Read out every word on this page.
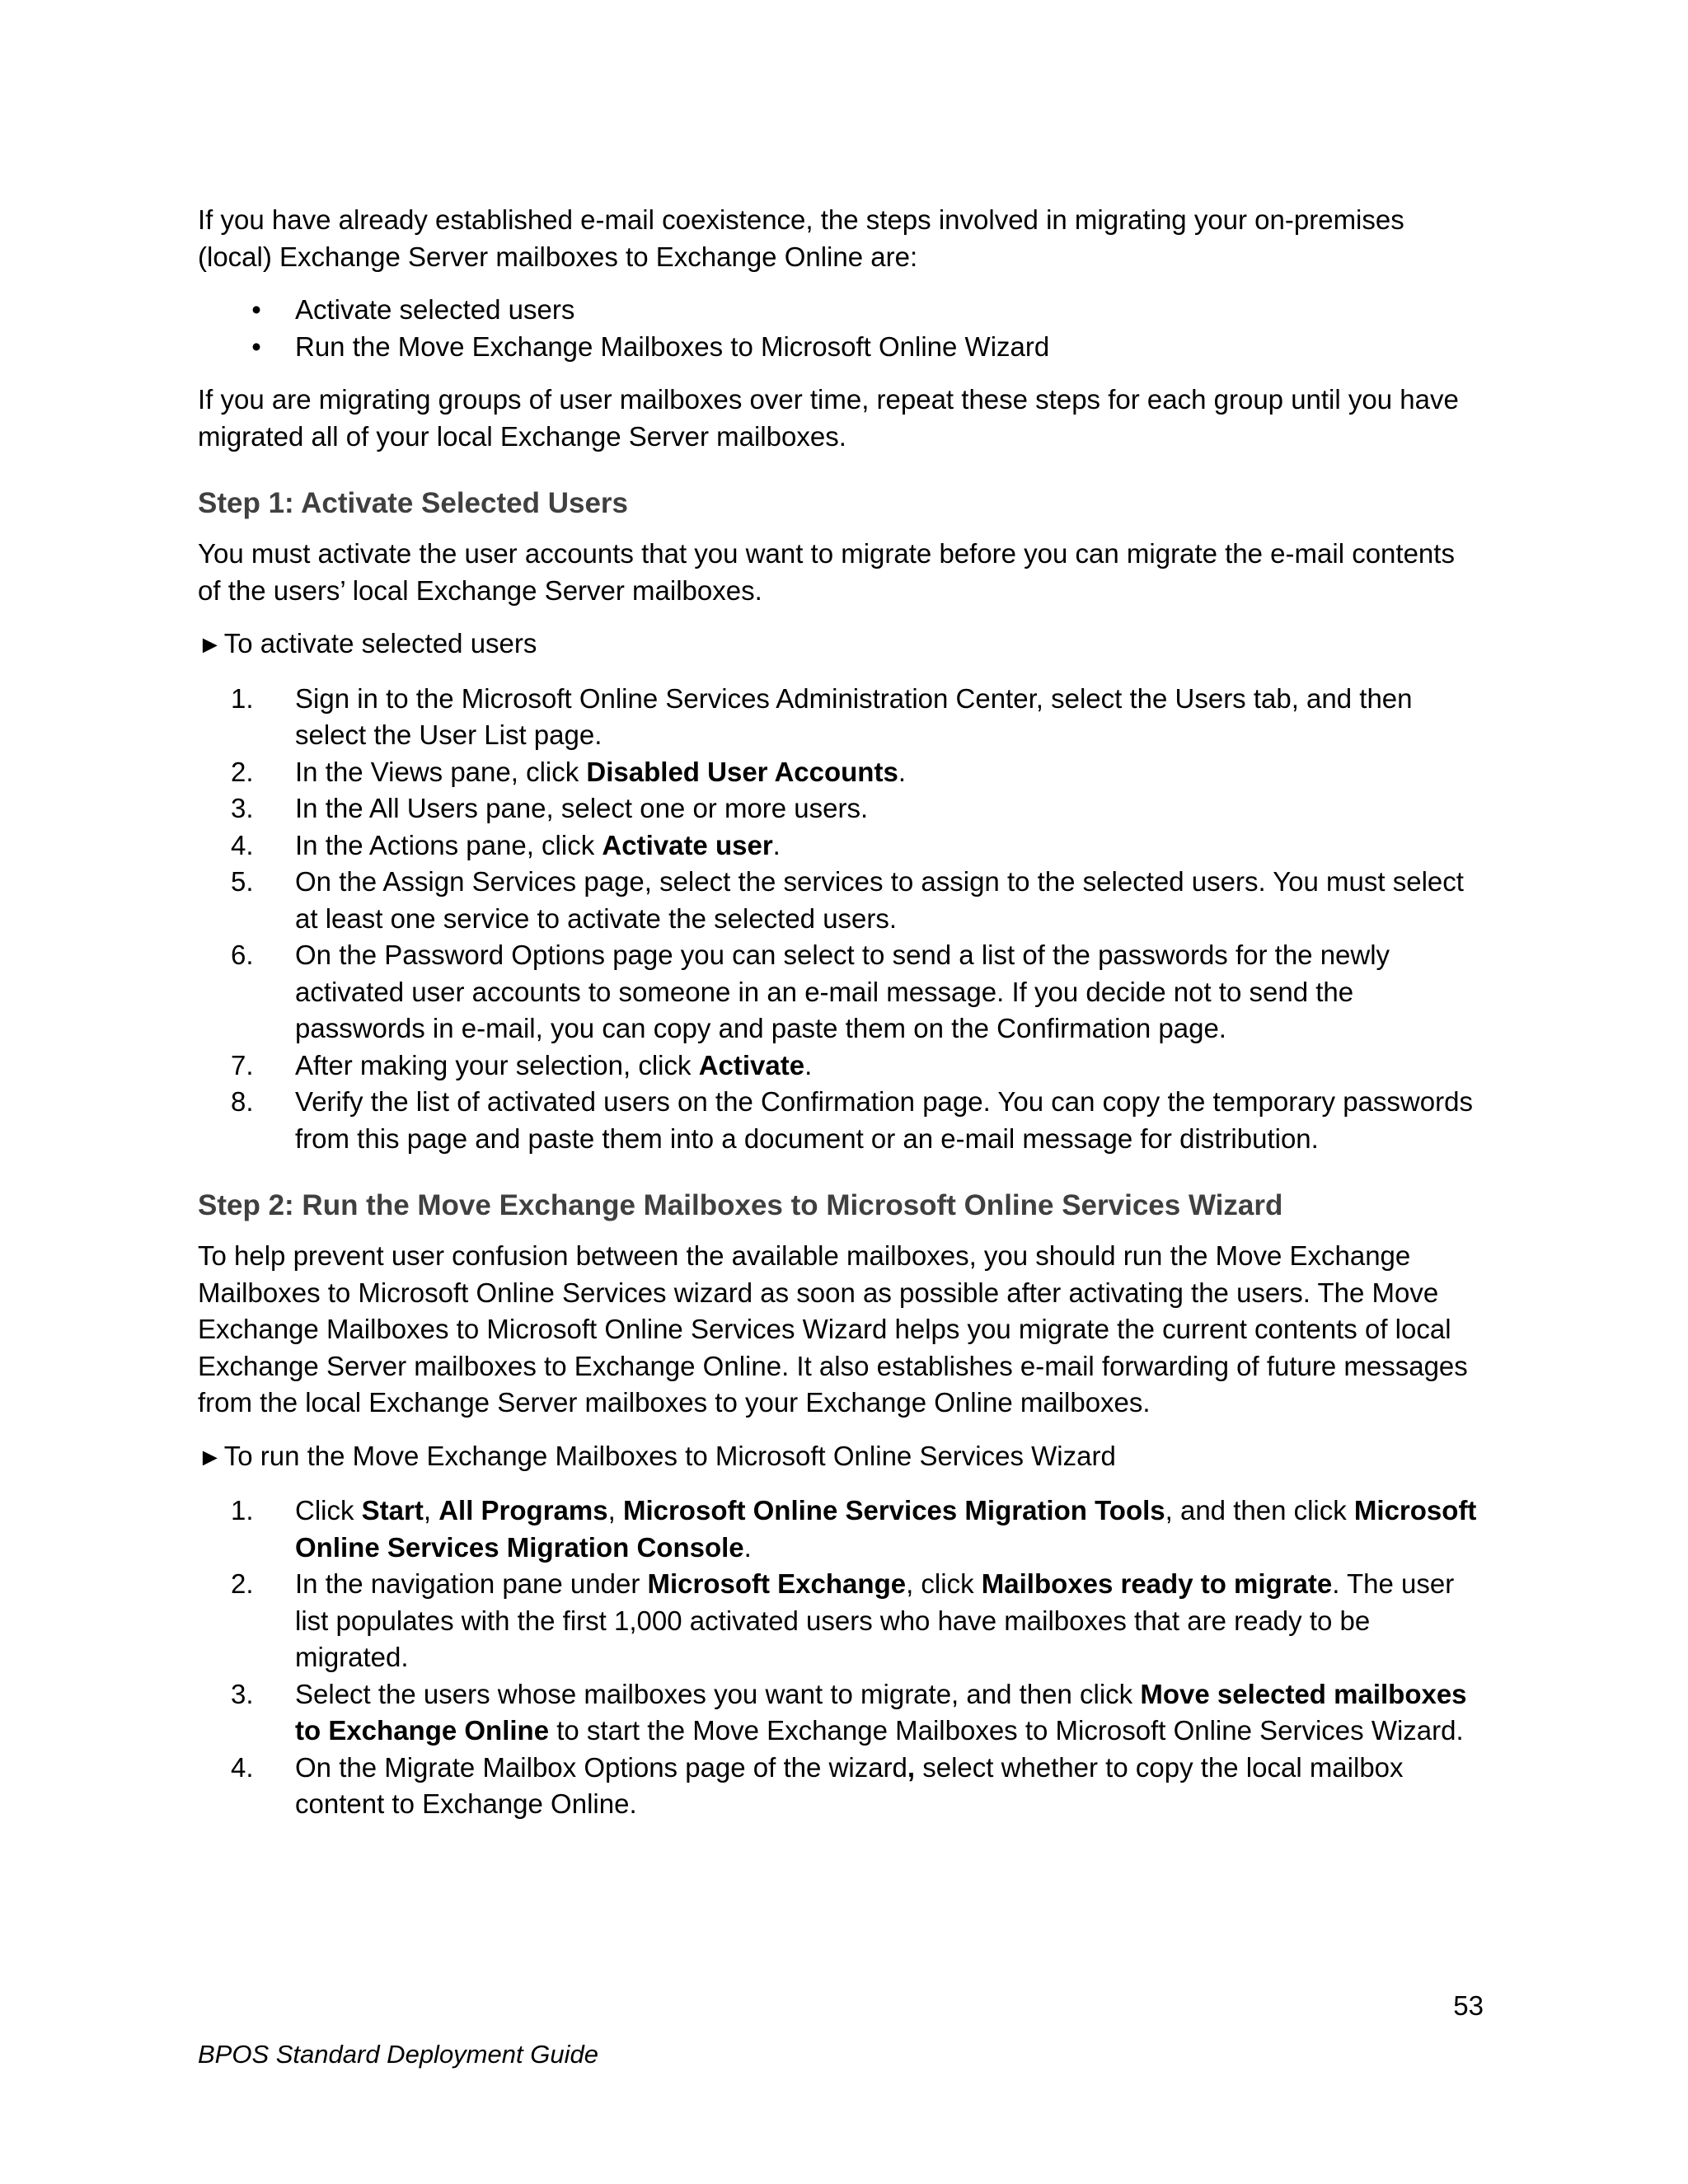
If you have already established e-mail coexistence, the steps involved in migrating your on-premises (local) Exchange Server mailboxes to Exchange Online are:

• Activate selected users
• Run the Move Exchange Mailboxes to Microsoft Online Wizard

If you are migrating groups of user mailboxes over time, repeat these steps for each group until you have migrated all of your local Exchange Server mailboxes.

Step 1: Activate Selected Users

You must activate the user accounts that you want to migrate before you can migrate the e-mail contents of the users’ local Exchange Server mailboxes.

►To activate selected users

1.	Sign in to the Microsoft Online Services Administration Center, select the Users tab, and then select the User List page.
2.	In the Views pane, click Disabled User Accounts.
3.	In the All Users pane, select one or more users.
4.	In the Actions pane, click Activate user.
5.	On the Assign Services page, select the services to assign to the selected users. You must select at least one service to activate the selected users.
6.	On the Password Options page you can select to send a list of the passwords for the newly activated user accounts to someone in an e-mail message. If you decide not to send the passwords in e-mail, you can copy and paste them on the Confirmation page.
7.	After making your selection, click Activate.
8.	Verify the list of activated users on the Confirmation page. You can copy the temporary passwords from this page and paste them into a document or an e-mail message for distribution.
Step 2: Run the Move Exchange Mailboxes to Microsoft Online Services Wizard

To help prevent user confusion between the available mailboxes, you should run the Move Exchange Mailboxes to Microsoft Online Services wizard as soon as possible after activating the users. The Move Exchange Mailboxes to Microsoft Online Services Wizard helps you migrate the current contents of local Exchange Server mailboxes to Exchange Online. It also establishes e-mail forwarding of future messages from the local Exchange Server mailboxes to your Exchange Online mailboxes.

►To run the Move Exchange Mailboxes to Microsoft Online Services Wizard

1.	Click Start, All Programs, Microsoft Online Services Migration Tools, and then click Microsoft Online Services Migration Console.
2.	In the navigation pane under Microsoft Exchange, click Mailboxes ready to migrate. The user list populates with the first 1,000 activated users who have mailboxes that are ready to be migrated.
3.	Select the users whose mailboxes you want to migrate, and then click Move selected mailboxes to Exchange Online to start the Move Exchange Mailboxes to Microsoft Online Services Wizard.
4.	On the Migrate Mailbox Options page of the wizard, select whether to copy the local mailbox content to Exchange Online.
53
BPOS Standard Deployment Guide
